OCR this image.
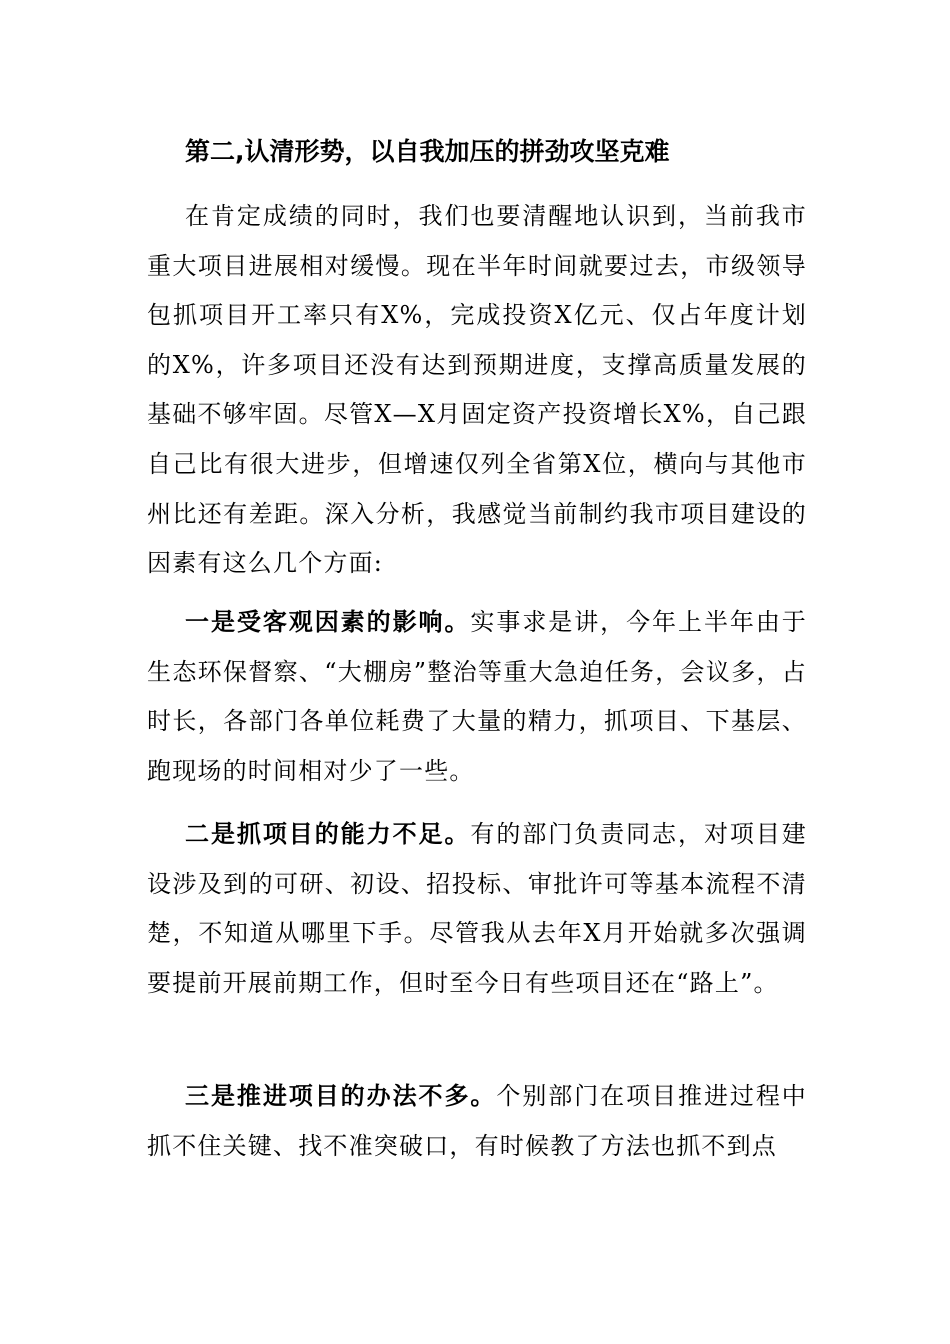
第二,认清形势，以自我加压的拼劲攻坚克难

在肯定成绩的同时，我们也要清醒地认识到，当前我市重大项目进展相对缓慢。现在半年时间就要过去，市级领导包抓项目开工率只有X%，完成投资X亿元、仅占年度计划的X%，许多项目还没有达到预期进度，支撑高质量发展的基础不够牢固。尽管X—X月固定资产投资增长X%，自己跟自己比有很大进步，但增速仅列全省第X位，横向与其他市州比还有差距。深入分析，我感觉当前制约我市项目建设的因素有这么几个方面:

一是受客观因素的影响。实事求是讲，今年上半年由于生态环保督察、“大棚房”整治等重大急迫任务，会议多，占时长，各部门各单位耗费了大量的精力，抓项目、下基层、跑现场的时间相对少了一些。

二是抓项目的能力不足。有的部门负责同志，对项目建设涉及到的可研、初设、招投标、审批许可等基本流程不清楚，不知道从哪里下手。尽管我从去年X月开始就多次强调要提前开展前期工作，但时至今日有些项目还在“路上”。

三是推进项目的办法不多。个别部门在项目推进过程中抓不住关键、找不准突破口，有时候教了方法也抓不到点
